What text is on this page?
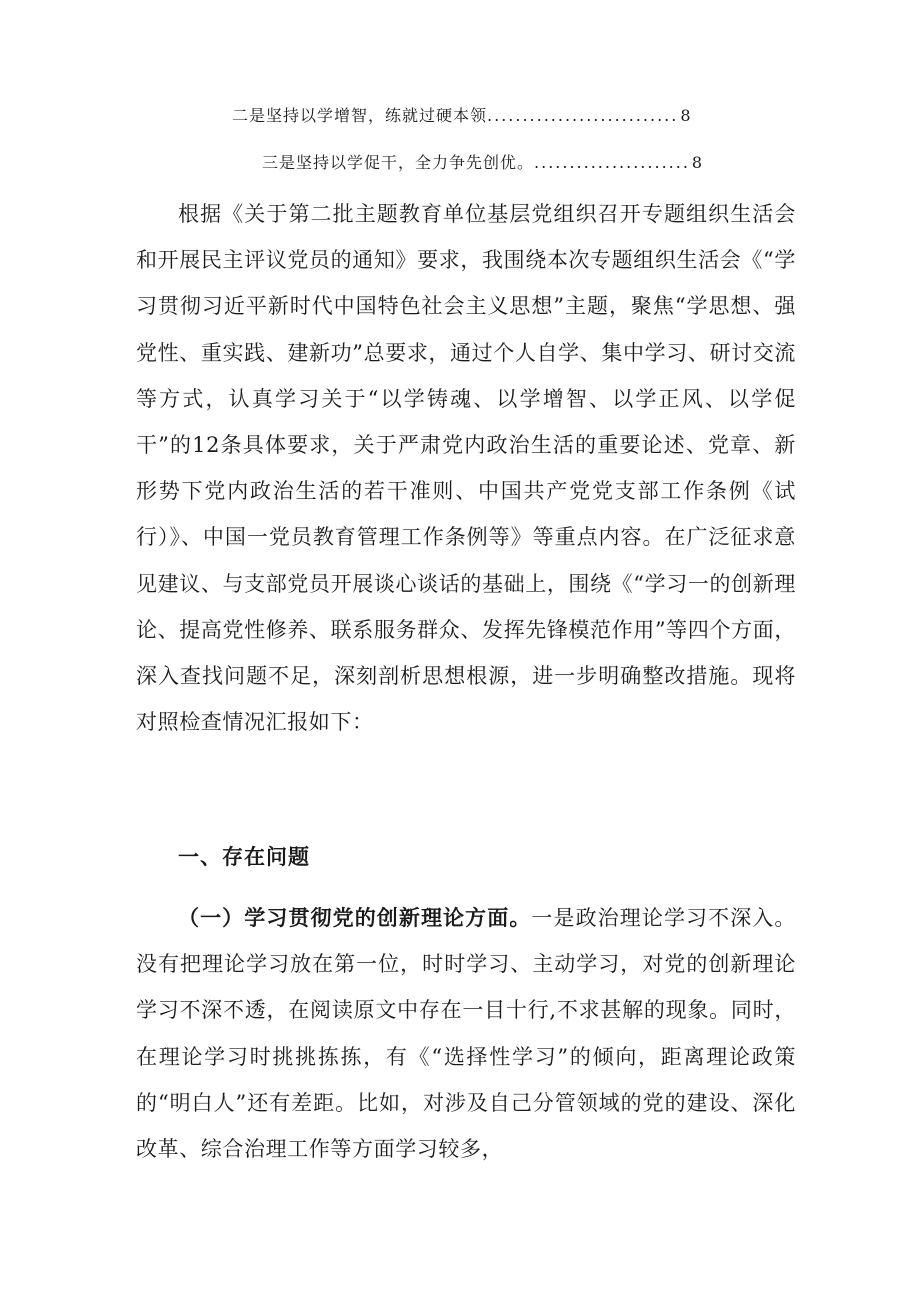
二是坚持以学增智，练就过硬本领........................... 8
三是坚持以学促干，全力争先创优。...................... 8

根据《关于第二批主题教育单位基层党组织召开专题组织生活会和开展民主评议党员的通知》要求，我围绕本次专题组织生活会《“学习贯彻习近平新时代中国特色社会主义思想”主题，聚焦“学思想、强党性、重实践、建新功”总要求，通过个人自学、集中学习、研讨交流等方式，认真学习关于“以学铸魂、以学增智、以学正风、以学促干”的12条具体要求，关于严肃党内政治生活的重要论述、党章、新形势下党内政治生活的若干准则、中国共产党党支部工作条例《试行）》、中国一党员教育管理工作条例等》等重点内容。在广泛征求意见建议、与支部党员开展谈心谈话的基础上，围绕《“学习一的创新理论、提高党性修养、联系服务群众、发挥先锋模范作用”等四个方面，深入查找问题不足，深刻剖析思想根源，进一步明确整改措施。现将对照检查情况汇报如下：

一、存在问题

（一）学习贯彻党的创新理论方面。一是政治理论学习不深入。没有把理论学习放在第一位，时时学习、主动学习，对党的创新理论学习不深不透，在阅读原文中存在一目十行,不求甚解的现象。同时，在理论学习时挑挑拣拣，有《“选择性学习”的倾向，距离理论政策的“明白人”还有差距。比如，对涉及自己分管领域的党的建设、深化改革、综合治理工作等方面学习较多，
